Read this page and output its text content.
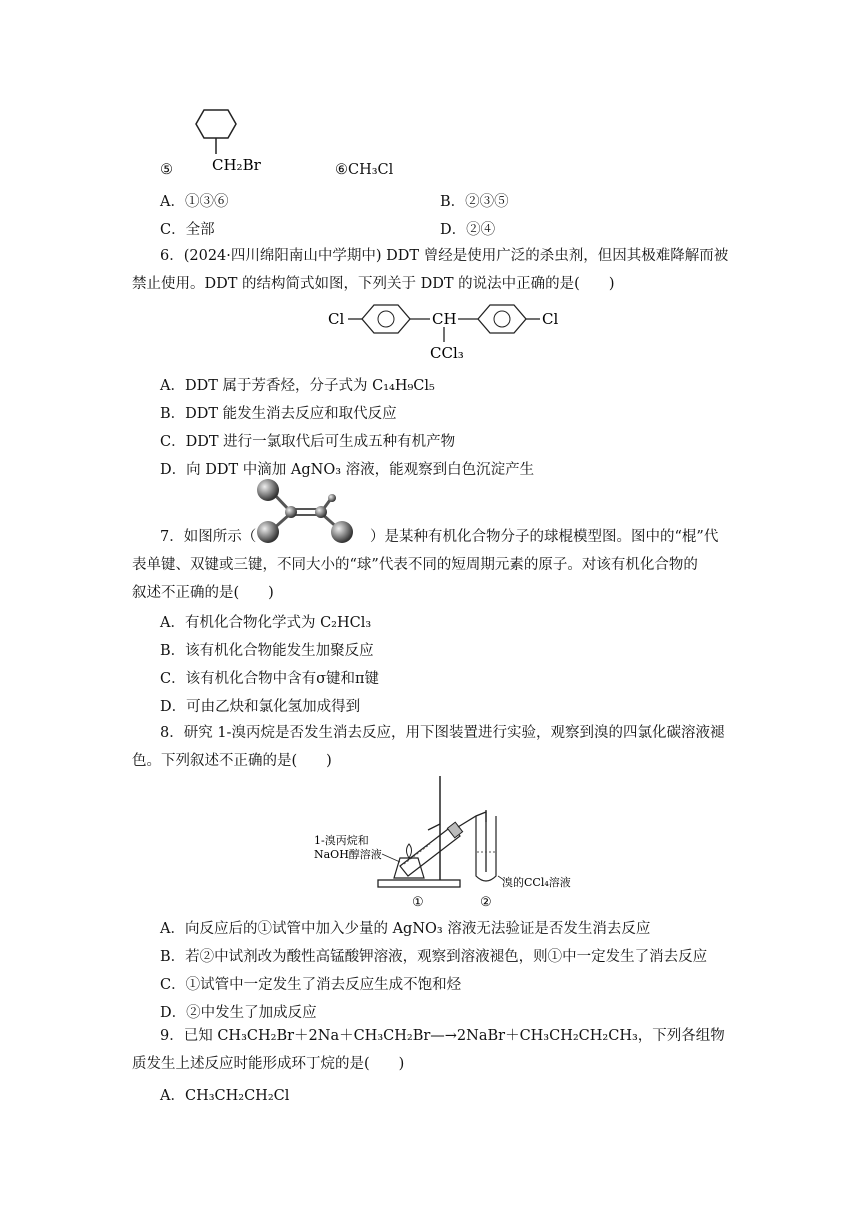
CH₂Br
⑤	⑥CH₃Cl
A．①③⑥	B．②③⑤
C．全部	D．②④
6．(2024·四川绵阳南山中学期中) DDT 曾经是使用广泛的杀虫剂，但因其极难降解而被禁止使用。DDT 的结构简式如图，下列关于 DDT 的说法中正确的是(　　)
Cl	CH	Cl
CCl₃
A．DDT 属于芳香烃，分子式为 C₁₄H₉Cl₅
B．DDT 能发生消去反应和取代反应
C．DDT 进行一氯取代后可生成五种有机产物
D．向 DDT 中滴加 AgNO₃ 溶液，能观察到白色沉淀产生
7．如图所示（	）是某种有机化合物分子的球棍模型图。图中的“棍”代
表单键、双键或三键，不同大小的“球”代表不同的短周期元素的原子。对该有机化合物的
叙述不正确的是(　　)
A．有机化合物化学式为 C₂HCl₃
B．该有机化合物能发生加聚反应
C．该有机化合物中含有σ键和π键
D．可由乙炔和氯化氢加成得到
8．研究 1-溴丙烷是否发生消去反应，用下图装置进行实验，观察到溴的四氯化碳溶液褪色。下列叙述不正确的是(　　)
1-溴丙烷和
NaOH醇溶液
溴的CCl₄溶液
①	②
A．向反应后的①试管中加入少量的 AgNO₃ 溶液无法验证是否发生消去反应
B．若②中试剂改为酸性高锰酸钾溶液，观察到溶液褪色，则①中一定发生了消去反应
C．①试管中一定发生了消去反应生成不饱和烃
D．②中发生了加成反应
9．已知 CH₃CH₂Br＋2Na＋CH₃CH₂Br—→2NaBr＋CH₃CH₂CH₂CH₃，下列各组物质发生上述反应时能形成环丁烷的是(　　)
A．CH₃CH₂CH₂Cl
